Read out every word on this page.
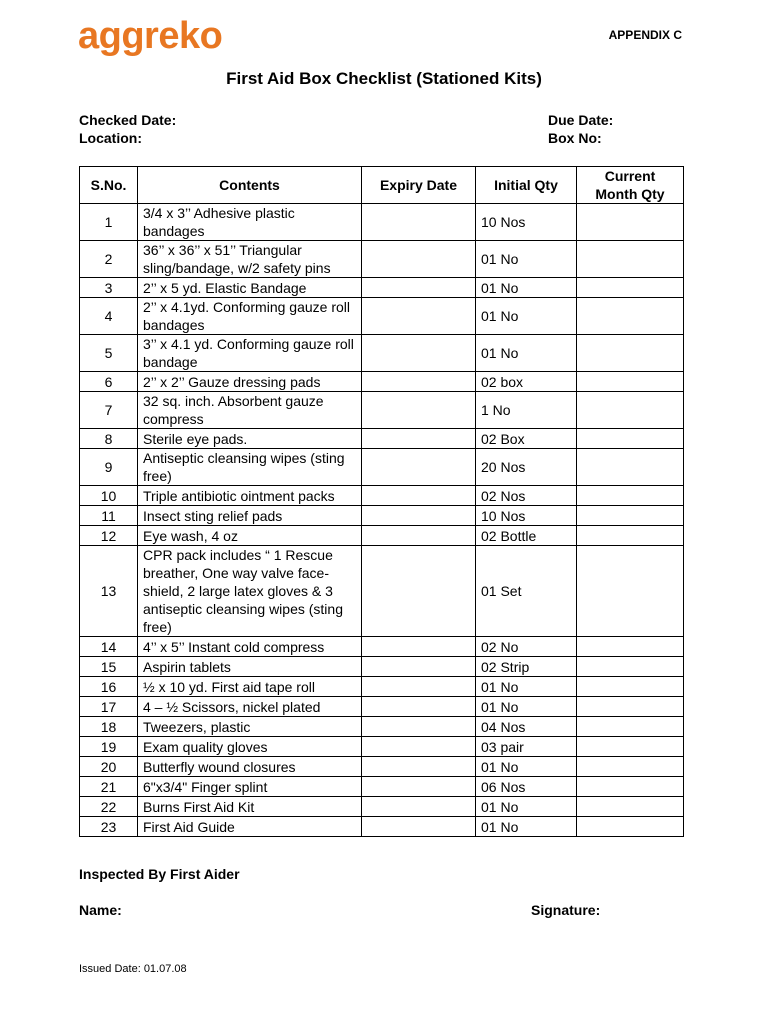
aggreko	APPENDIX C
First Aid Box Checklist (Stationed Kits)
Checked Date:
Location:
Due Date:
Box No:
S.No.	Contents	Expiry Date	Initial Qty	Current Month Qty
1	3/4 x 3’’ Adhesive plastic bandages		10 Nos	
2	36’’ x 36’’ x 51’’ Triangular sling/bandage, w/2 safety pins		01 No	
3	2’’ x 5 yd. Elastic Bandage		01 No	
4	2’’ x 4.1yd. Conforming gauze roll bandages		01 No	
5	3’’ x 4.1 yd. Conforming gauze roll bandage		01 No	
6	2’’ x 2’’ Gauze dressing pads		02 box	
7	32 sq. inch. Absorbent gauze compress		1 No	
8	Sterile eye pads.		02 Box	
9	Antiseptic cleansing wipes (sting free)		20 Nos	
10	Triple antibiotic ointment packs		02 Nos	
11	Insect sting relief pads		10 Nos	
12	Eye wash, 4 oz		02 Bottle	
13	CPR pack includes “ 1 Rescue breather, One way valve face-shield, 2 large latex gloves & 3 antiseptic cleansing wipes (sting free)		01 Set	
14	4’’ x 5’’ Instant cold compress		02 No	
15	Aspirin tablets		02 Strip	
16	½ x 10 yd. First aid tape roll		01 No	
17	4 – ½ Scissors, nickel plated		01 No	
18	Tweezers, plastic		04 Nos	
19	Exam quality gloves		03 pair	
20	Butterfly wound closures		01 No	
21	6"x3/4" Finger splint		06 Nos	
22	Burns First Aid Kit		01 No	
23	First Aid Guide		01 No	
Inspected By First Aider
Name:	Signature:
Issued Date: 01.07.08
